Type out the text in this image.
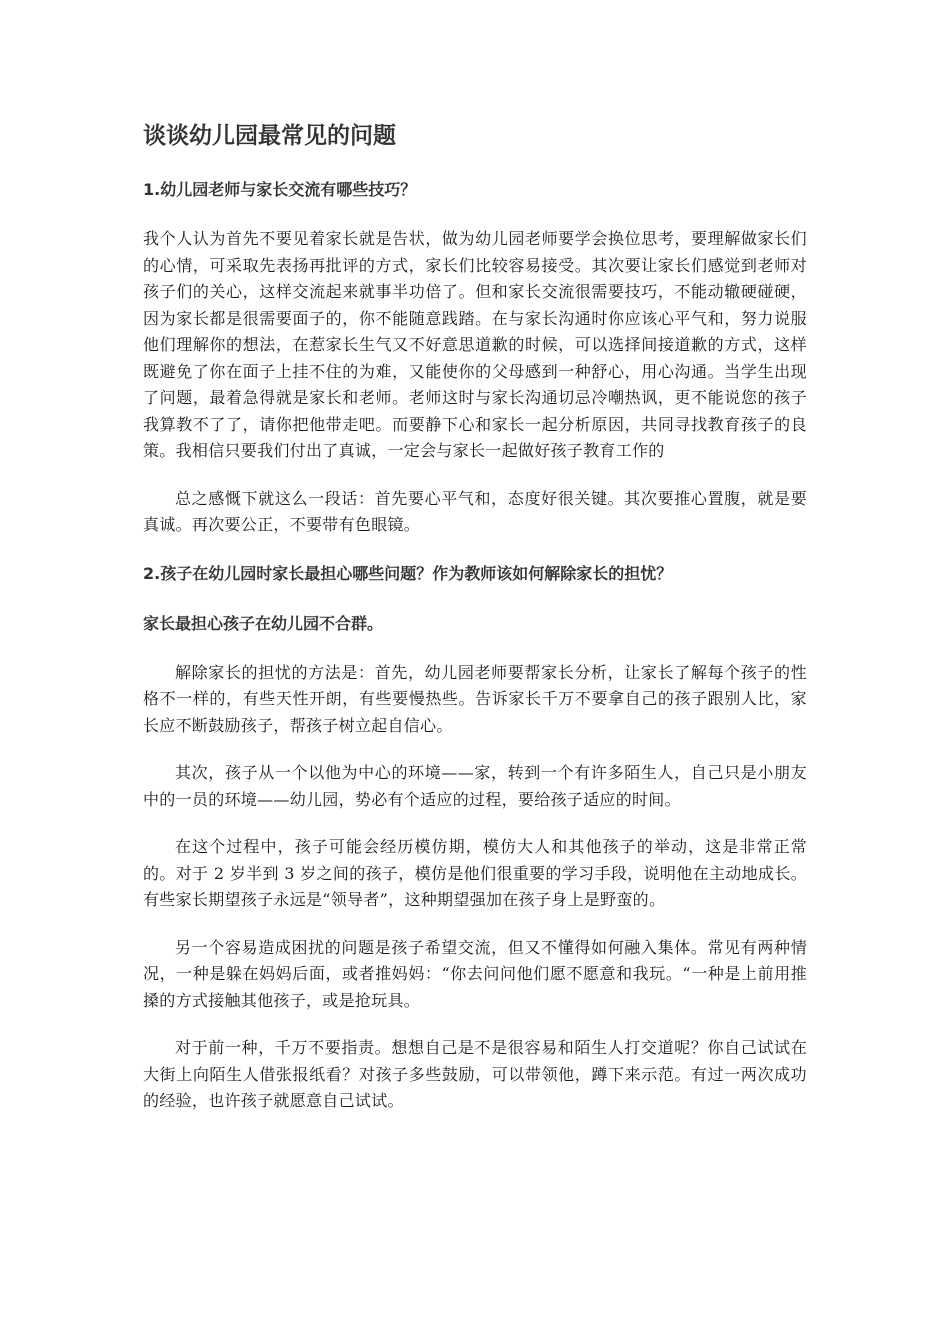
谈谈幼儿园最常见的问题
1.幼儿园老师与家长交流有哪些技巧？
我个人认为首先不要见着家长就是告状，做为幼儿园老师要学会换位思考，要理解做家长们的心情，可采取先表扬再批评的方式，家长们比较容易接受。其次要让家长们感觉到老师对孩子们的关心，这样交流起来就事半功倍了。但和家长交流很需要技巧，不能动辙硬碰硬，因为家长都是很需要面子的，你不能随意践踏。在与家长沟通时你应该心平气和，努力说服他们理解你的想法，在惹家长生气又不好意思道歉的时候，可以选择间接道歉的方式，这样既避免了你在面子上挂不住的为难，又能使你的父母感到一种舒心，用心沟通。当学生出现了问题，最着急得就是家长和老师。老师这时与家长沟通切忌冷嘲热讽，更不能说您的孩子我算教不了了，请你把他带走吧。而要静下心和家长一起分析原因，共同寻找教育孩子的良策。我相信只要我们付出了真诚，一定会与家长一起做好孩子教育工作的
总之感慨下就这么一段话：首先要心平气和，态度好很关键。其次要推心置腹，就是要真诚。再次要公正，不要带有色眼镜。
2.孩子在幼儿园时家长最担心哪些问题？作为教师该如何解除家长的担忧？
家长最担心孩子在幼儿园不合群。
解除家长的担忧的方法是：首先，幼儿园老师要帮家长分析，让家长了解每个孩子的性格不一样的，有些天性开朗，有些要慢热些。告诉家长千万不要拿自己的孩子跟别人比，家长应不断鼓励孩子，帮孩子树立起自信心。
其次，孩子从一个以他为中心的环境——家，转到一个有许多陌生人，自己只是小朋友中的一员的环境——幼儿园，势必有个适应的过程，要给孩子适应的时间。
在这个过程中，孩子可能会经历模仿期，模仿大人和其他孩子的举动，这是非常正常的。对于 2 岁半到 3 岁之间的孩子，模仿是他们很重要的学习手段，说明他在主动地成长。有些家长期望孩子永远是“领导者”，这种期望强加在孩子身上是野蛮的。
另一个容易造成困扰的问题是孩子希望交流，但又不懂得如何融入集体。常见有两种情况，一种是躲在妈妈后面，或者推妈妈：“你去问问他们愿不愿意和我玩。“一种是上前用推搡的方式接触其他孩子，或是抢玩具。
对于前一种，千万不要指责。想想自己是不是很容易和陌生人打交道呢？你自己试试在大街上向陌生人借张报纸看？对孩子多些鼓励，可以带领他，蹲下来示范。有过一两次成功的经验，也许孩子就愿意自己试试。
